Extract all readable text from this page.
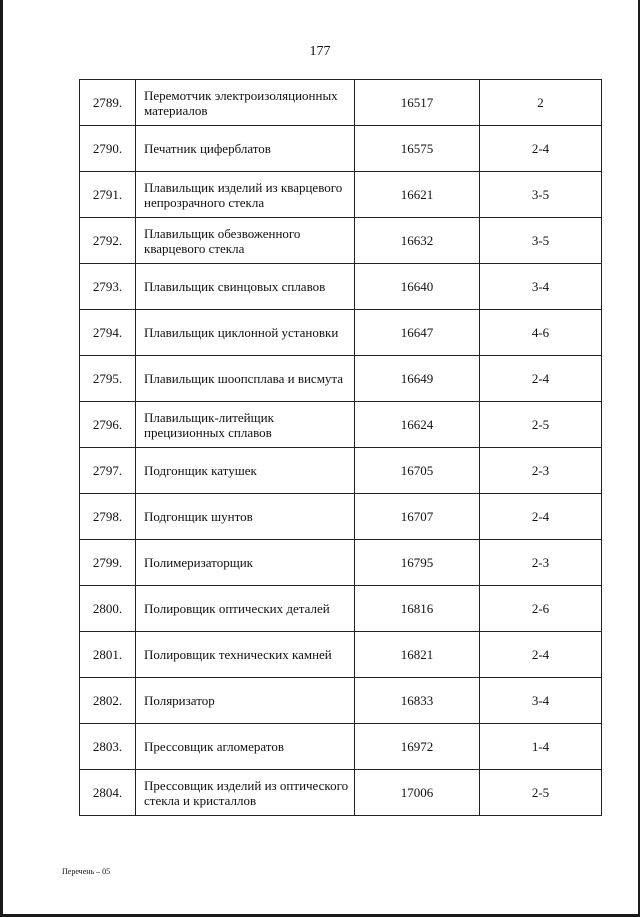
177
2789.	Перемотчик электроизоляционных материалов	16517	2
2790.	Печатник циферблатов	16575	2-4
2791.	Плавильщик изделий из кварцевого непрозрачного стекла	16621	3-5
2792.	Плавильщик обезвоженного кварцевого стекла	16632	3-5
2793.	Плавильщик свинцовых сплавов	16640	3-4
2794.	Плавильщик циклонной установки	16647	4-6
2795.	Плавильщик шоопсплава и висмута	16649	2-4
2796.	Плавильщик-литейщик прецизионных сплавов	16624	2-5
2797.	Подгонщик катушек	16705	2-3
2798.	Подгонщик шунтов	16707	2-4
2799.	Полимеризаторщик	16795	2-3
2800.	Полировщик оптических деталей	16816	2-6
2801.	Полировщик технических камней	16821	2-4
2802.	Поляризатор	16833	3-4
2803.	Прессовщик агломератов	16972	1-4
2804.	Прессовщик изделий из оптического стекла и кристаллов	17006	2-5
Перечень – 05
